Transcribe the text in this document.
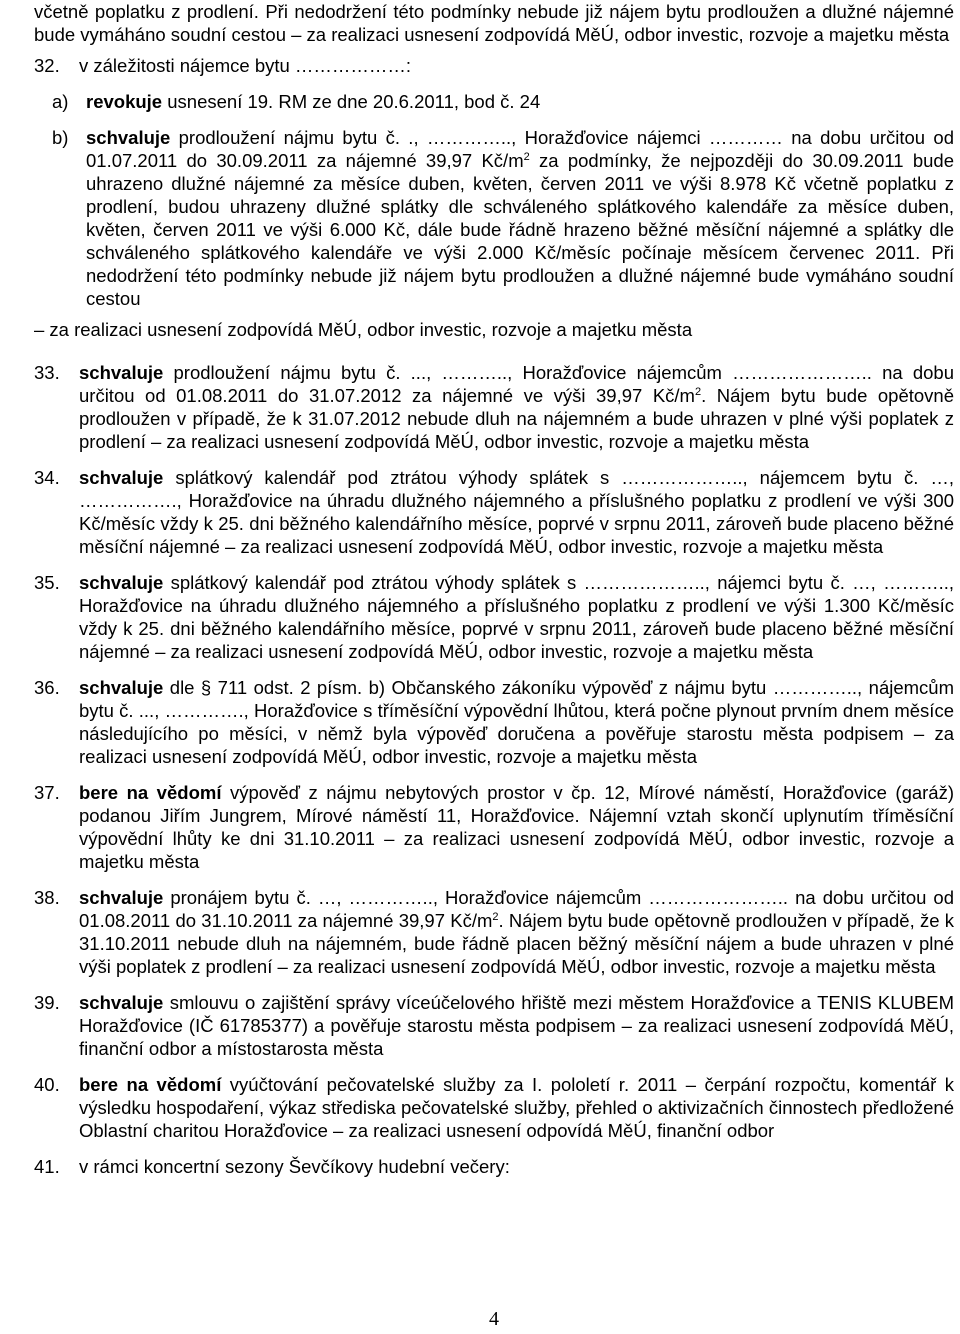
včetně poplatku z prodlení. Při nedodržení této podmínky nebude již nájem bytu prodloužen a dlužné nájemné bude vymáháno soudní cestou – za realizaci usnesení zodpovídá MěÚ, odbor investic, rozvoje a majetku města

32. v záležitosti nájemce bytu ………………:

a) revokuje usnesení 19. RM ze dne 20.6.2011, bod č. 24

b) schvaluje prodloužení nájmu bytu č. ., ………….., Horažďovice nájemci ………… na dobu určitou od 01.07.2011 do 30.09.2011 za nájemné 39,97 $Kč/m^2$ za podmínky, že nejpozději do 30.09.2011 bude uhrazeno dlužné nájemné za měsíce duben, květen, červen 2011 ve výši 8.978 Kč včetně poplatku z prodlení, budou uhrazeny dlužné splátky dle schváleného splátkového kalendáře za měsíce duben, květen, červen 2011 ve výši 6.000 Kč, dále bude řádně hrazeno běžné měsíční nájemné a splátky dle schváleného splátkového kalendáře ve výši 2.000 Kč/měsíc počínaje měsícem červenec 2011. Při nedodržení této podmínky nebude již nájem bytu prodloužen a dlužné nájemné bude vymáháno soudní cestou

– za realizaci usnesení zodpovídá MěÚ, odbor investic, rozvoje a majetku města

33. schvaluje prodloužení nájmu bytu č. ..., ……….., Horažďovice nájemcům ………………….. na dobu určitou od 01.08.2011 do 31.07.2012 za nájemné ve výši 39,97 $Kč/m^2$. Nájem bytu bude opětovně prodloužen v případě, že k 31.07.2012 nebude dluh na nájemném a bude uhrazen v plné výši poplatek z prodlení – za realizaci usnesení zodpovídá MěÚ, odbor investic, rozvoje a majetku města

34. schvaluje splátkový kalendář pod ztrátou výhody splátek s ……………….., nájemcem bytu č. …, ……………., Horažďovice na úhradu dlužného nájemného a příslušného poplatku z prodlení ve výši 300 Kč/měsíc vždy k 25. dni běžného kalendářního měsíce, poprvé v srpnu 2011, zároveň bude placeno běžné měsíční nájemné – za realizaci usnesení zodpovídá MěÚ, odbor investic, rozvoje a majetku města

35. schvaluje splátkový kalendář pod ztrátou výhody splátek s ……………….., nájemci bytu č. …, ……….., Horažďovice na úhradu dlužného nájemného a příslušného poplatku z prodlení ve výši 1.300 Kč/měsíc vždy k 25. dni běžného kalendářního měsíce, poprvé v srpnu 2011, zároveň bude placeno běžné měsíční nájemné – za realizaci usnesení zodpovídá MěÚ, odbor investic, rozvoje a majetku města

36. schvaluje dle § 711 odst. 2 písm. b) Občanského zákoníku výpověď z nájmu bytu ………….., nájemcům bytu č. ..., …………., Horažďovice s tříměsíční výpovědní lhůtou, která počne plynout prvním dnem měsíce následujícího po měsíci, v němž byla výpověď doručena a pověřuje starostu města podpisem – za realizaci usnesení zodpovídá MěÚ, odbor investic, rozvoje a majetku města

37. bere na vědomí výpověď z nájmu nebytových prostor v čp. 12, Mírové náměstí, Horažďovice (garáž) podanou Jiřím Jungrem, Mírové náměstí 11, Horažďovice. Nájemní vztah skončí uplynutím tříměsíční výpovědní lhůty ke dni 31.10.2011 – za realizaci usnesení zodpovídá MěÚ, odbor investic, rozvoje a majetku města

38. schvaluje pronájem bytu č. …, ………….., Horažďovice nájemcům ………………….. na dobu určitou od 01.08.2011 do 31.10.2011 za nájemné 39,97 $Kč/m^2$. Nájem bytu bude opětovně prodloužen v případě, že k 31.10.2011 nebude dluh na nájemném, bude řádně placen běžný měsíční nájem a bude uhrazen v plné výši poplatek z prodlení – za realizaci usnesení zodpovídá MěÚ, odbor investic, rozvoje a majetku města

39. schvaluje smlouvu o zajištění správy víceúčelového hřiště mezi městem Horažďovice a TENIS KLUBEM Horažďovice (IČ 61785377) a pověřuje starostu města podpisem – za realizaci usnesení zodpovídá MěÚ, finanční odbor a místostarosta města

40. bere na vědomí vyúčtování pečovatelské služby za I. pololetí r. 2011 – čerpání rozpočtu, komentář k výsledku hospodaření, výkaz střediska pečovatelské služby, přehled o aktivizačních činnostech předložené Oblastní charitou Horažďovice – za realizaci usnesení odpovídá MěÚ, finanční odbor

41. v rámci koncertní sezony Ševčíkovy hudební večery:

4
